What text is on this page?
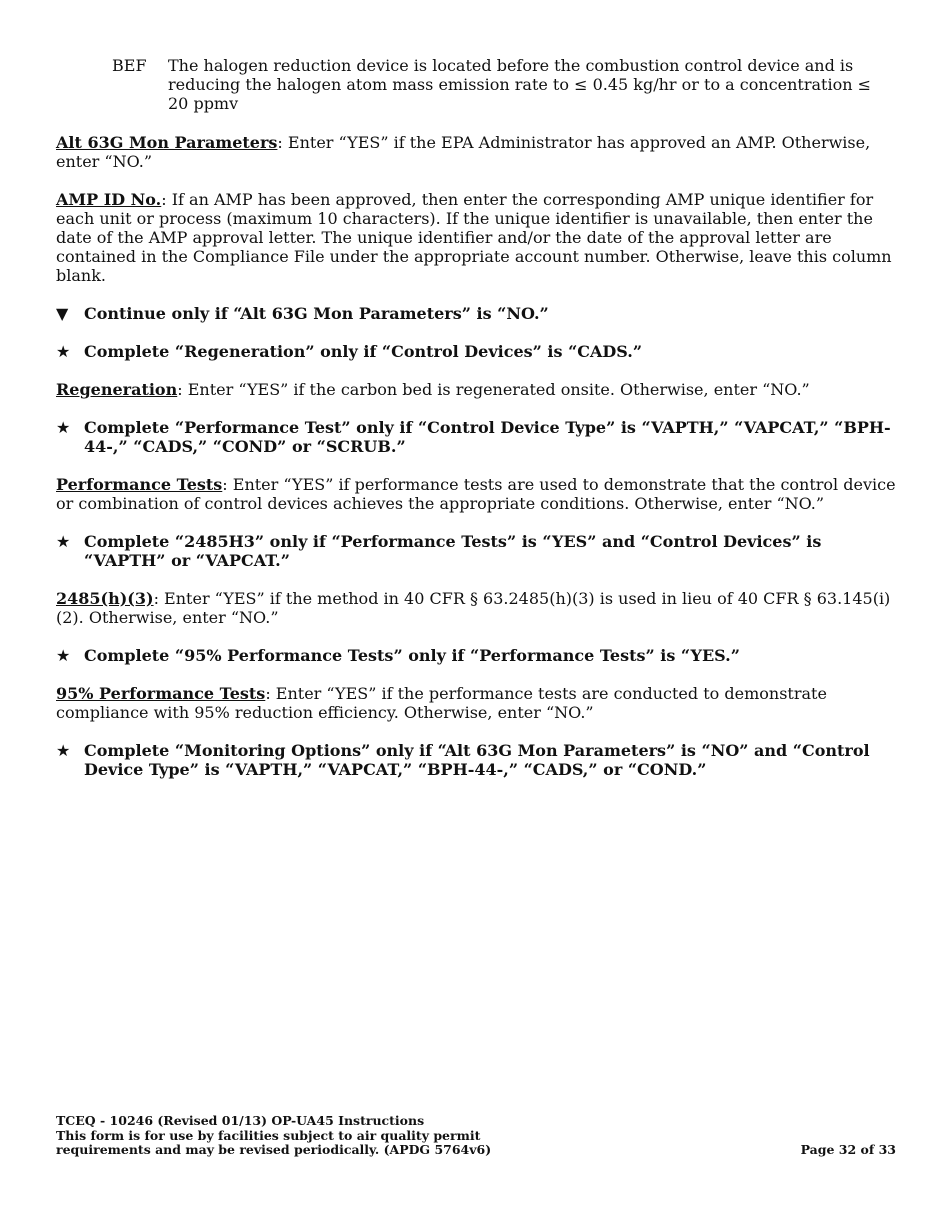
BEF	The halogen reduction device is located before the combustion control device and is reducing the halogen atom mass emission rate to ≤ 0.45 kg/hr or to a concentration ≤ 20 ppmv

Alt 63G Mon Parameters: Enter “YES” if the EPA Administrator has approved an AMP. Otherwise, enter “NO.”

AMP ID No.: If an AMP has been approved, then enter the corresponding AMP unique identifier for each unit or process (maximum 10 characters). If the unique identifier is unavailable, then enter the date of the AMP approval letter. The unique identifier and/or the date of the approval letter are contained in the Compliance File under the appropriate account number. Otherwise, leave this column blank.

▼ Continue only if “Alt 63G Mon Parameters” is “NO.”
★ Complete “Regeneration” only if “Control Devices” is “CADS.”

Regeneration: Enter “YES” if the carbon bed is regenerated onsite. Otherwise, enter “NO.”

★ Complete “Performance Test” only if “Control Device Type” is “VAPTH,” “VAPCAT,” “BPH-44-,” “CADS,” “COND” or “SCRUB.”

Performance Tests: Enter “YES” if performance tests are used to demonstrate that the control device or combination of control devices achieves the appropriate conditions. Otherwise, enter “NO.”

★ Complete “2485H3” only if “Performance Tests” is “YES” and “Control Devices” is “VAPTH” or “VAPCAT.”

2485(h)(3): Enter “YES” if the method in 40 CFR § 63.2485(h)(3) is used in lieu of 40 CFR § 63.145(i)(2). Otherwise, enter “NO.”

★ Complete “95% Performance Tests” only if “Performance Tests” is “YES.”

95% Performance Tests: Enter “YES” if the performance tests are conducted to demonstrate compliance with 95% reduction efficiency. Otherwise, enter “NO.”

★ Complete “Monitoring Options” only if “Alt 63G Mon Parameters” is “NO” and “Control Device Type” is “VAPTH,” “VAPCAT,” “BPH-44-,” “CADS,” or “COND.”
TCEQ - 10246 (Revised 01/13) OP-UA45 Instructions
This form is for use by facilities subject to air quality permit
requirements and may be revised periodically. (APDG 5764v6)	Page 32 of 33
